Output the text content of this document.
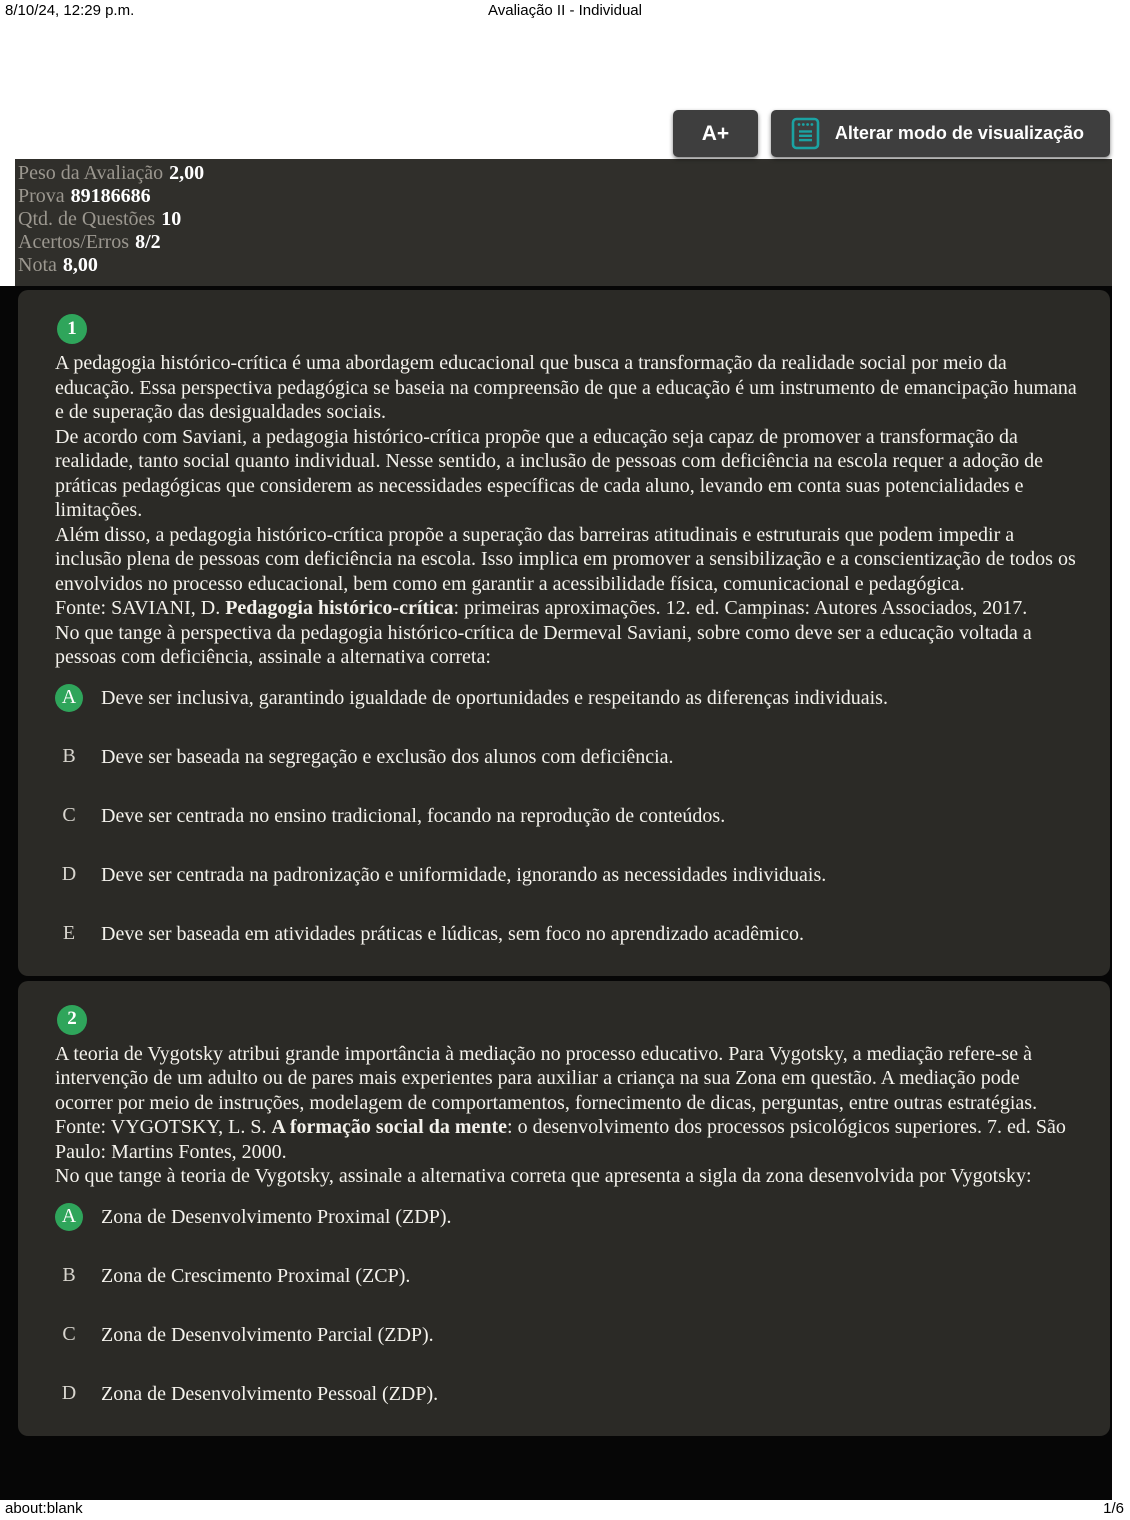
8/10/24, 12:29 p.m.	Avaliação II - Individual
A+	Alterar modo de visualização
Peso da Avaliação 2,00
Prova 89186686
Qtd. de Questões 10
Acertos/Erros 8/2
Nota 8,00
1

A pedagogia histórico-crítica é uma abordagem educacional que busca a transformação da realidade social por meio da educação. Essa perspectiva pedagógica se baseia na compreensão de que a educação é um instrumento de emancipação humana e de superação das desigualdades sociais.

De acordo com Saviani, a pedagogia histórico-crítica propõe que a educação seja capaz de promover a transformação da realidade, tanto social quanto individual. Nesse sentido, a inclusão de pessoas com deficiência na escola requer a adoção de práticas pedagógicas que considerem as necessidades específicas de cada aluno, levando em conta suas potencialidades e limitações.

Além disso, a pedagogia histórico-crítica propõe a superação das barreiras atitudinais e estruturais que podem impedir a inclusão plena de pessoas com deficiência na escola. Isso implica em promover a sensibilização e a conscientização de todos os envolvidos no processo educacional, bem como em garantir a acessibilidade física, comunicacional e pedagógica.

Fonte: SAVIANI, D. Pedagogia histórico-crítica: primeiras aproximações. 12. ed. Campinas: Autores Associados, 2017.

No que tange à perspectiva da pedagogia histórico-crítica de Dermeval Saviani, sobre como deve ser a educação voltada a pessoas com deficiência, assinale a alternativa correta:

A	Deve ser inclusiva, garantindo igualdade de oportunidades e respeitando as diferenças individuais.
B	Deve ser baseada na segregação e exclusão dos alunos com deficiência.
C	Deve ser centrada no ensino tradicional, focando na reprodução de conteúdos.
D	Deve ser centrada na padronização e uniformidade, ignorando as necessidades individuais.
E	Deve ser baseada em atividades práticas e lúdicas, sem foco no aprendizado acadêmico.
2

A teoria de Vygotsky atribui grande importância à mediação no processo educativo. Para Vygotsky, a mediação refere-se à intervenção de um adulto ou de pares mais experientes para auxiliar a criança na sua Zona em questão. A mediação pode ocorrer por meio de instruções, modelagem de comportamentos, fornecimento de dicas, perguntas, entre outras estratégias.

Fonte: VYGOTSKY, L. S. A formação social da mente: o desenvolvimento dos processos psicológicos superiores. 7. ed. São Paulo: Martins Fontes, 2000.

No que tange à teoria de Vygotsky, assinale a alternativa correta que apresenta a sigla da zona desenvolvida por Vygotsky:

A	Zona de Desenvolvimento Proximal (ZDP).
B	Zona de Crescimento Proximal (ZCP).
C	Zona de Desenvolvimento Parcial (ZDP).
D	Zona de Desenvolvimento Pessoal (ZDP).
about:blank	1/6
